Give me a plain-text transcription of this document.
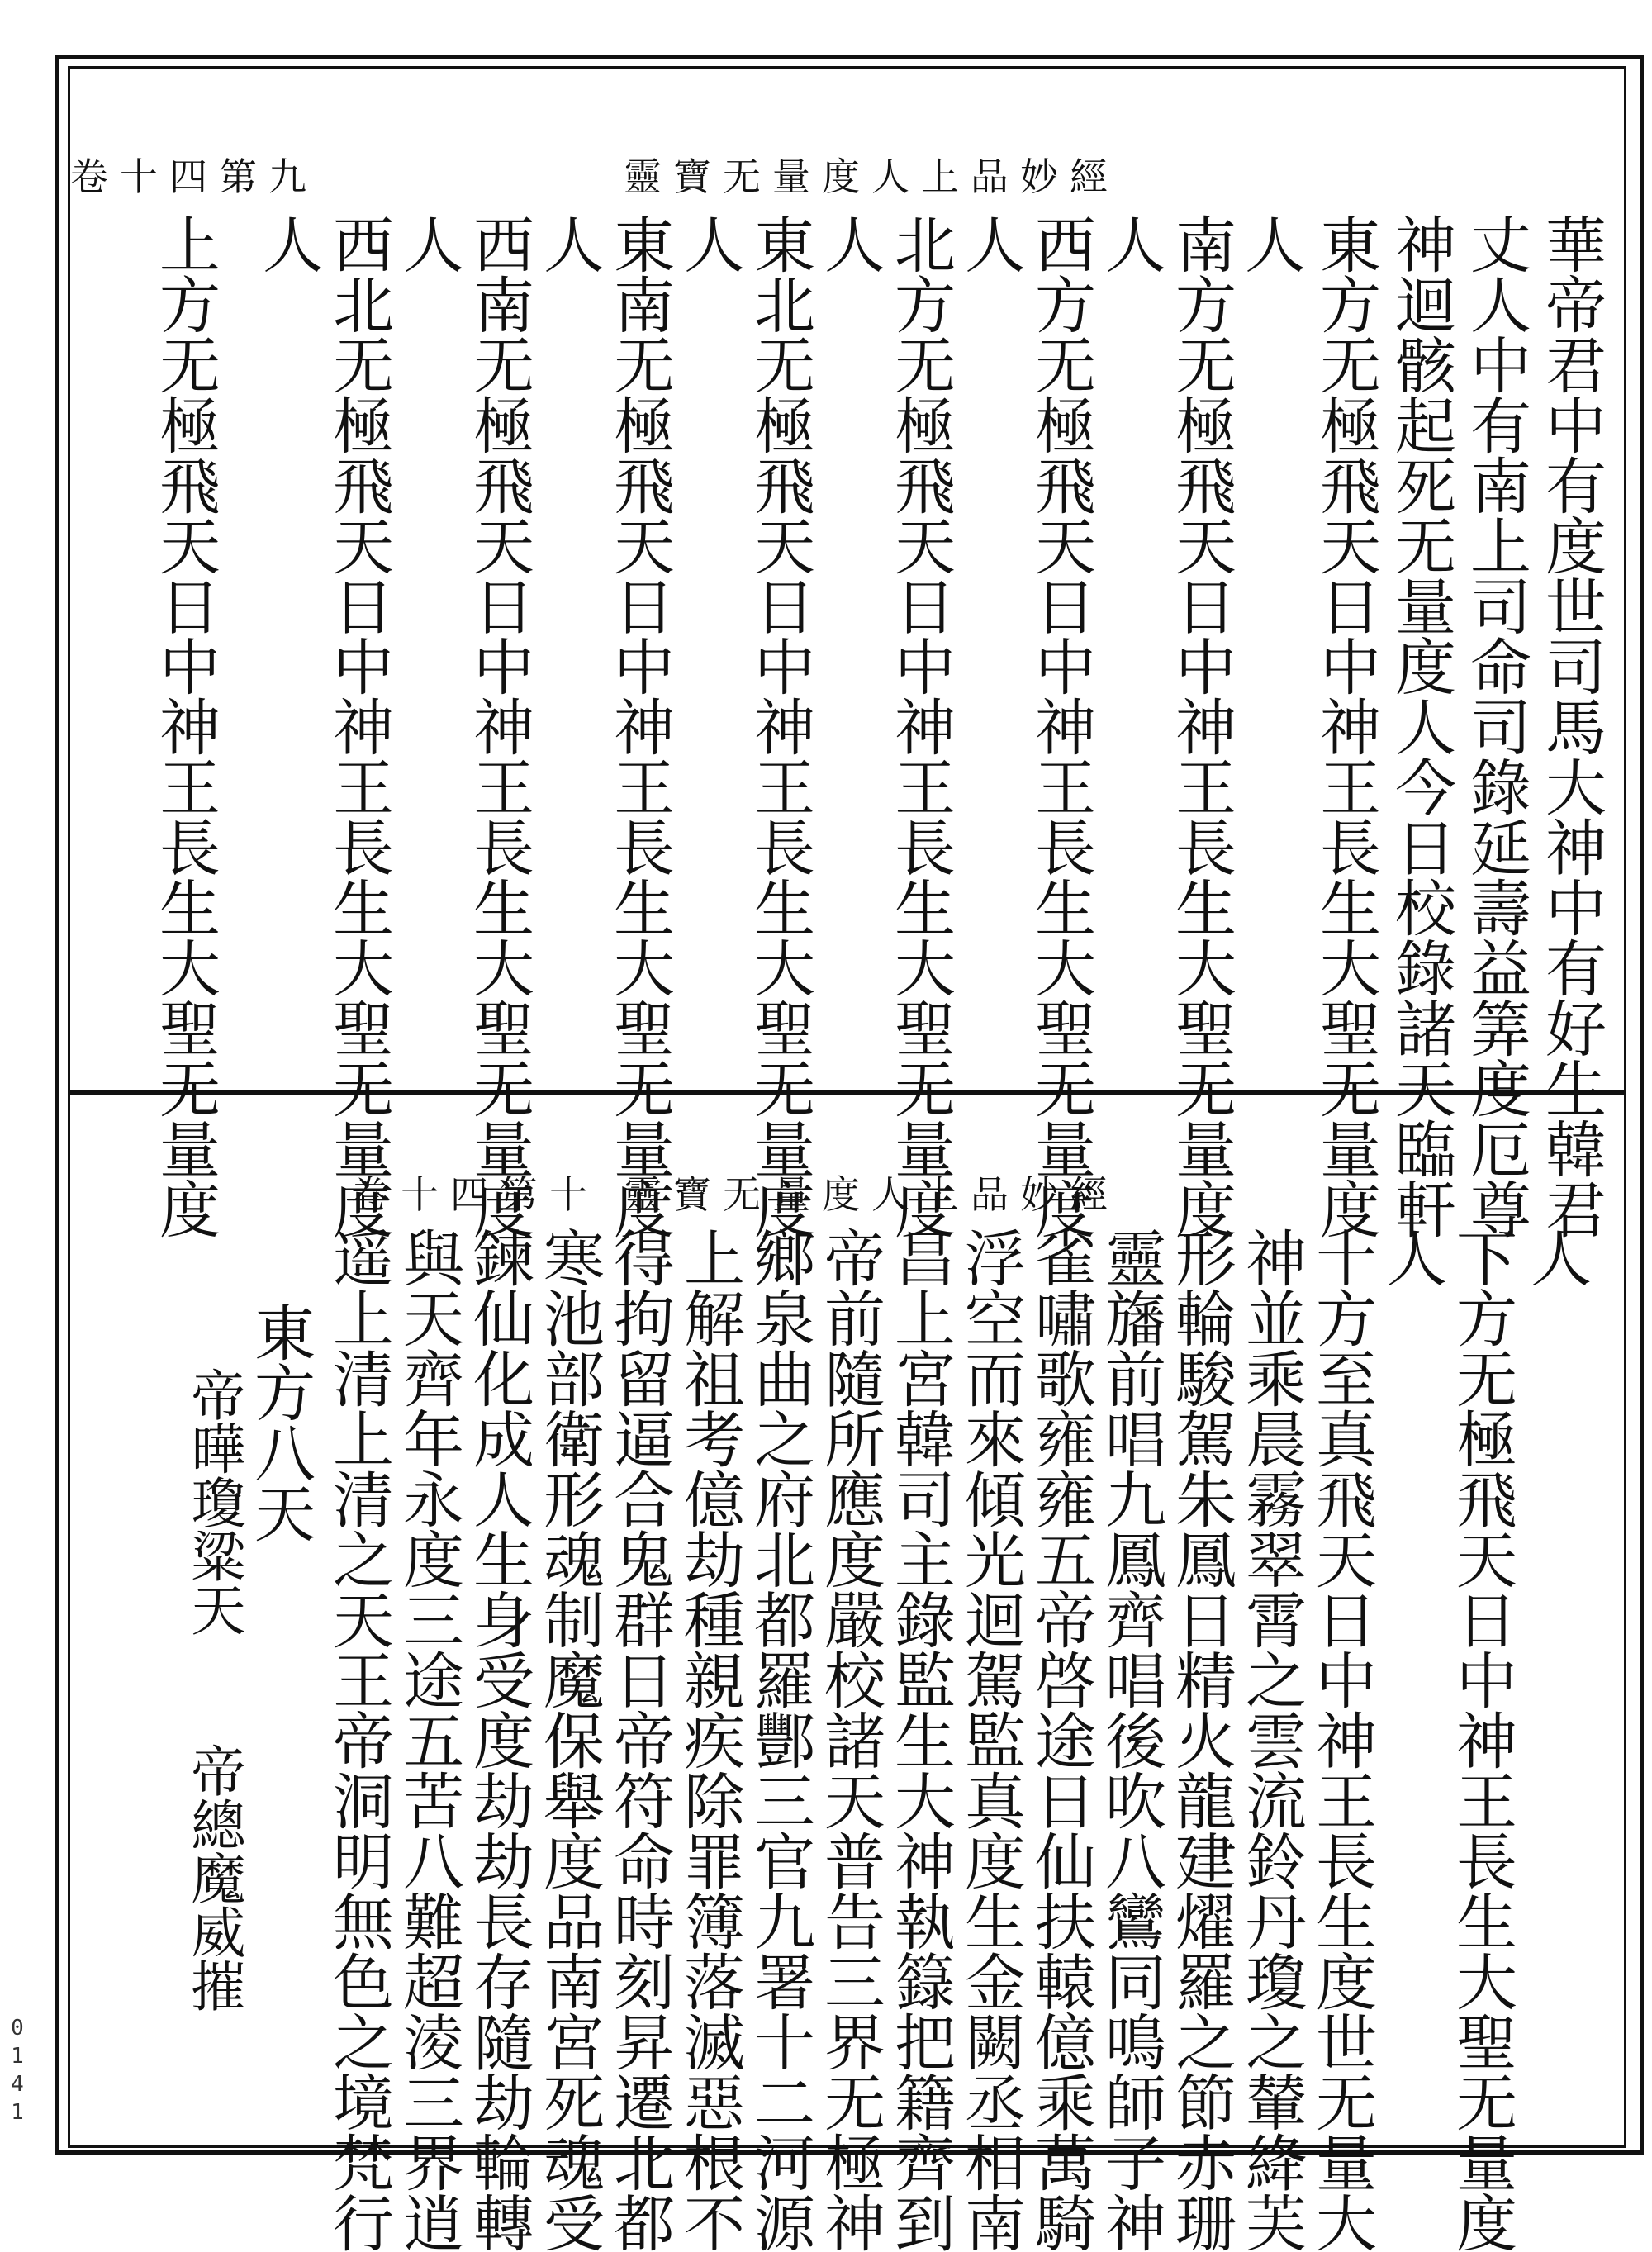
靈寶无量度人上品妙經
卷十四第九
華帝君中有度世司馬大神中有好生韓君
丈人中有南上司命司錄延壽益筭度厄尊
神迴骸起死无量度人今日校錄諸天臨軒
東方无極飛天日中神王長生大聖无量度
人
南方无極飛天日中神王長生大聖无量度
人
西方无極飛天日中神王長生大聖无量度
人
北方无極飛天日中神王長生大聖无量度
人
東北无極飛天日中神王長生大聖无量度
人
東南无極飛天日中神王長生大聖无量度
人
西南无極飛天日中神王長生大聖无量度
人
西北无極飛天日中神王長生大聖无量度
人
上方无極飛天日中神王長生大聖无量度	靈寶无量度人上品妙經
卷十四第十
人
下方无極飛天日中神王長生大聖无量度
人
十方至真飛天日中神王長生度世无量大
神並乘晨霧翠霄之雲流鈴丹瓊之輦絳芙
形輪駿駕朱鳳日精火龍建燿羅之節赤珊
靈旛前唱九鳳齊唱後吹八鸞同鳴師子神
雀嘯歌雍雍五帝啓途日仙扶轅億乘萬騎
浮空而來傾光迴駕監真度生金闕丞相南
昌上宮韓司主錄監生大神執籙把籍齊到
帝前隨所應度嚴校諸天普告三界无極神
鄉泉曲之府北都羅酆三官九署十二河源
上解祖考億劫種親疾除罪簿落滅惡根不
得拘留逼合鬼群日帝符命時刻昇遷北都
寒池部衛形魂制魔保舉度品南宮死魂受
鍊仙化成人生身受度劫劫長存隨劫輪轉
與天齊年永度三途五苦八難超淩三界逍
遥上清上清之天王帝洞明無色之境梵行
東方八天
帝曄瓊粱天　　帝總魔威摧
0141
